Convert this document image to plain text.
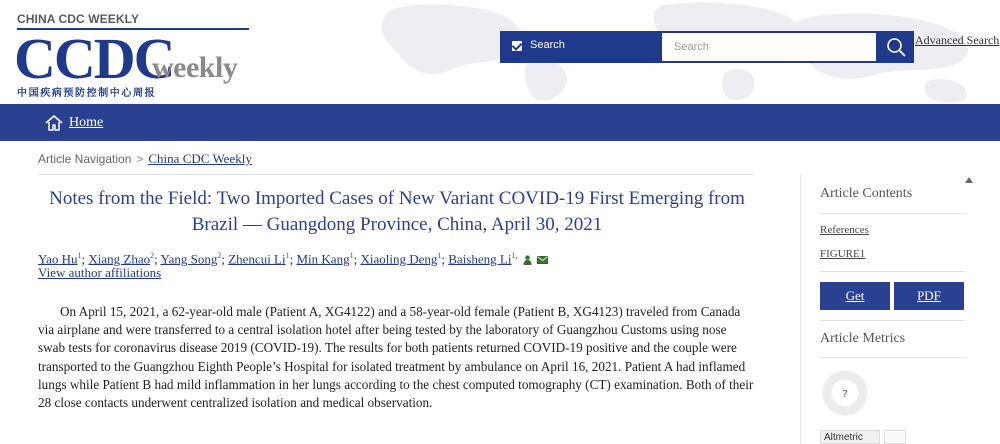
CHINA CDC WEEKLY
CCDC
weekly
中国疾病预防控制中心周报
Search
Search	Advanced Search
Home
Article Navigation > China CDC Weekly
Notes from the Field: Two Imported Cases of New Variant COVID-19 First Emerging from Brazil — Guangdong Province, China, April 30, 2021
Yao Hu$^1$; Xiang Zhao$^2$; Yang Song$^2$; Zhencui Li$^1$; Min Kang$^1$; Xiaoling Deng$^1$; Baisheng $Li^{1,}$
View author affiliations

On April 15, 2021, a 62-year-old male (Patient A, XG4122) and a 58-year-old female (Patient B, XG4123) traveled from Canada via airplane and were transferred to a central isolation hotel after being tested by the laboratory of Guangzhou Customs using nose swab tests for coronavirus disease 2019 (COVID-19). The results for both patients returned COVID-19 positive and the couple were transported to the Guangzhou Eighth People’s Hospital for isolated treatment by ambulance on April 16, 2021. Patient A had inflamed lungs while Patient B had mild inflammation in her lungs according to the chest computed tomography (CT) examination. Both of their 28 close contacts underwent centralized isolation and medical observation.

Article Contents
References
FIGURE1
Get	PDF
Article Metrics
?
Altmetric
